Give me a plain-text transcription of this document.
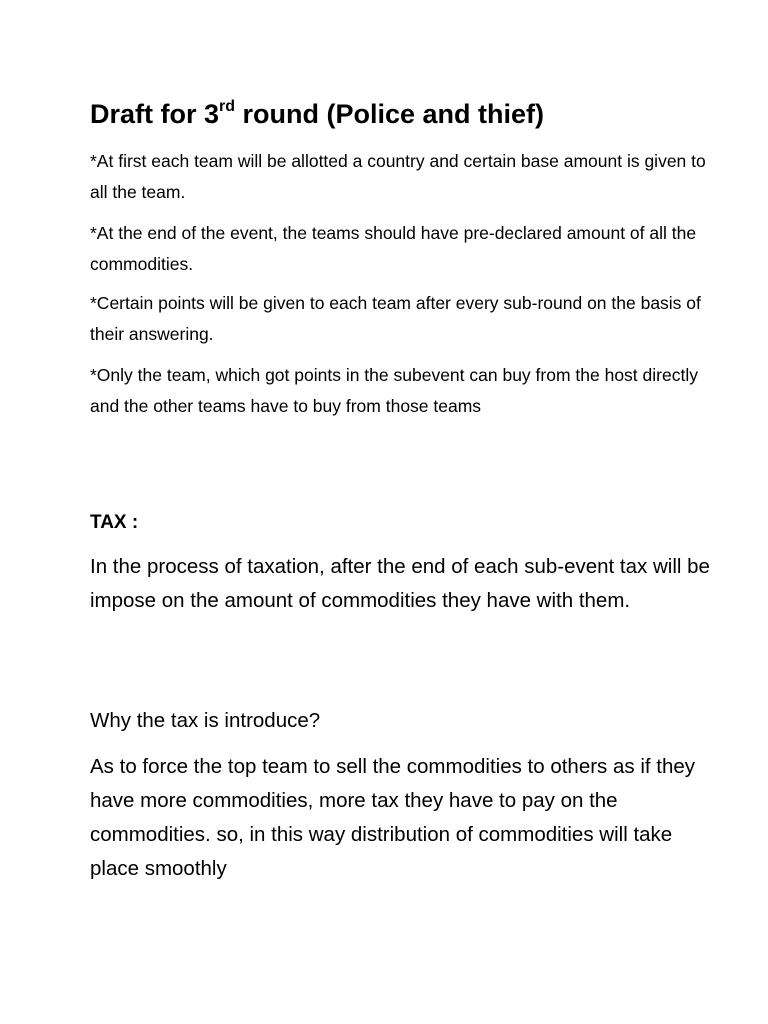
Draft for 3rd round (Police and thief)

*At first each team will be allotted a country and certain base amount is given to all the team.

*At the end of the event, the teams should have pre-declared amount of all the commodities.

*Certain points will be given to each team after every sub-round on the basis of their answering.

*Only the team, which got points in the subevent can buy from the host directly and the other teams have to buy from those teams

TAX :

In the process of taxation, after the end of each sub-event tax will be impose on the amount of commodities they have with them.

Why the tax is introduce?

As to force the top team to sell the commodities to others as if they have more commodities, more tax they have to pay on the commodities. so, in this way distribution of commodities will take place smoothly
